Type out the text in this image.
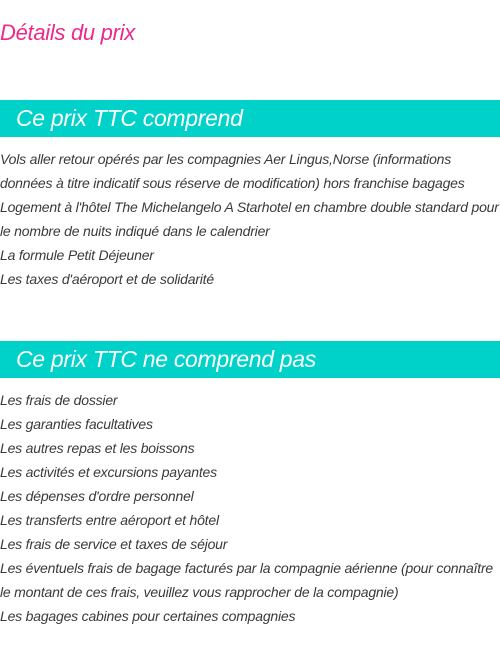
Détails du prix
Ce prix TTC comprend
Vols aller retour opérés par les compagnies Aer Lingus,Norse (informations données à titre indicatif sous réserve de modification) hors franchise bagages
Logement à l'hôtel The Michelangelo A Starhotel en chambre double standard pour le nombre de nuits indiqué dans le calendrier
La formule Petit Déjeuner
Les taxes d'aéroport et de solidarité
Ce prix TTC ne comprend pas
Les frais de dossier
Les garanties facultatives
Les autres repas et les boissons
Les activités et excursions payantes
Les dépenses d'ordre personnel
Les transferts entre aéroport et hôtel
Les frais de service et taxes de séjour
Les éventuels frais de bagage facturés par la compagnie aérienne (pour connaître le montant de ces frais, veuillez vous rapprocher de la compagnie)
Les bagages cabines pour certaines compagnies
